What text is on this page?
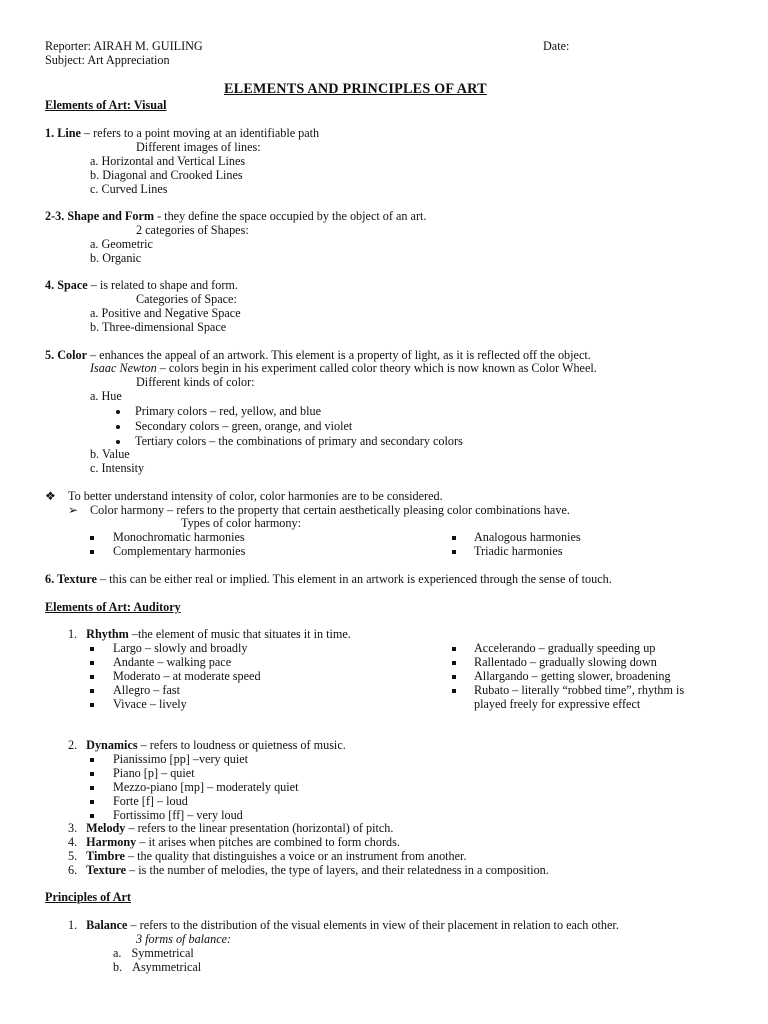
Reporter: AIRAH M. GUILING	Date:
Subject: Art Appreciation
ELEMENTS AND PRINCIPLES OF ART
Elements of Art: Visual
1. Line – refers to a point moving at an identifiable path
Different images of lines:
a. Horizontal and Vertical Lines
b. Diagonal and Crooked Lines
c. Curved Lines
2-3. Shape and Form - they define the space occupied by the object of an art.
2 categories of Shapes:
a. Geometric
b. Organic
4. Space – is related to shape and form.
Categories of Space:
a. Positive and Negative Space
b. Three-dimensional Space
5. Color – enhances the appeal of an artwork. This element is a property of light, as it is reflected off the object.
Isaac Newton – colors begin in his experiment called color theory which is now known as Color Wheel.
Different kinds of color:
a. Hue
Primary colors – red, yellow, and blue
Secondary colors – green, orange, and violet
Tertiary colors – the combinations of primary and secondary colors
b. Value
c. Intensity
❖ To better understand intensity of color, color harmonies are to be considered.
➢ Color harmony – refers to the property that certain aesthetically pleasing color combinations have.
Types of color harmony:
Monochromatic harmonies
Complementary harmonies
Analogous harmonies
Triadic harmonies
6. Texture – this can be either real or implied. This element in an artwork is experienced through the sense of touch.
Elements of Art: Auditory
1. Rhythm –the element of music that situates it in time.
Largo – slowly and broadly
Andante – walking pace
Moderato – at moderate speed
Allegro – fast
Vivace – lively
Accelerando – gradually speeding up
Rallentado – gradually slowing down
Allargando – getting slower, broadening
Rubato – literally “robbed time”, rhythm is
played freely for expressive effect
2. Dynamics – refers to loudness or quietness of music.
Pianissimo [pp] –very quiet
Piano [p] – quiet
Mezzo-piano [mp] – moderately quiet
Forte [f] – loud
Fortissimo [ff] – very loud
3. Melody – refers to the linear presentation (horizontal) of pitch.
4. Harmony – it arises when pitches are combined to form chords.
5. Timbre – the quality that distinguishes a voice or an instrument from another.
6. Texture – is the number of melodies, the type of layers, and their relatedness in a composition.
Principles of Art
1. Balance – refers to the distribution of the visual elements in view of their placement in relation to each other.
3 forms of balance:
a. Symmetrical
b. Asymmetrical
